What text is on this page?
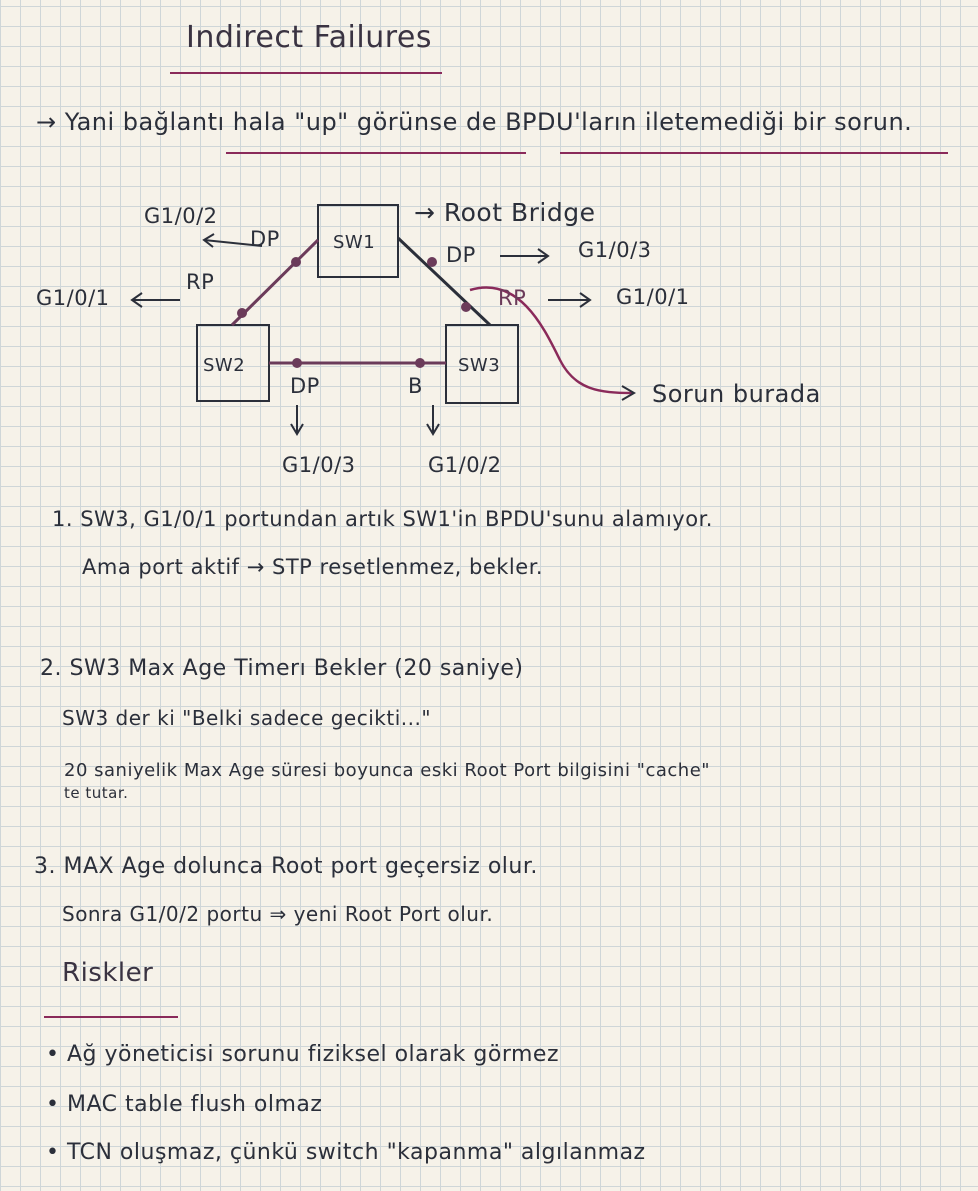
Indirect Failures
→ Yani bağlantı hala "up" görünse de BPDU'ların iletemediği bir sorun.
SW1
SW2	SW3
→ Root Bridge
G1/0/2
DP
DP	G1/0/3
RP
G1/0/1	RP	G1/0/1
Sorun burada
DP	B
G1/0/3	G1/0/2
1. SW3, G1/0/1 portundan artık SW1'in BPDU'sunu alamıyor.
Ama port aktif → STP resetlenmez, bekler.
2. SW3 Max Age Timerı Bekler (20 saniye)
SW3 der ki "Belki sadece gecikti..."
20 saniyelik Max Age süresi boyunca eski Root Port bilgisini "cache"
te tutar.
3. MAX Age dolunca Root port geçersiz olur.
Sonra G1/0/2 portu ⇒ yeni Root Port olur.
Riskler
• Ağ yöneticisi sorunu fiziksel olarak görmez
• MAC table flush olmaz
• TCN oluşmaz, çünkü switch "kapanma" algılanmaz
